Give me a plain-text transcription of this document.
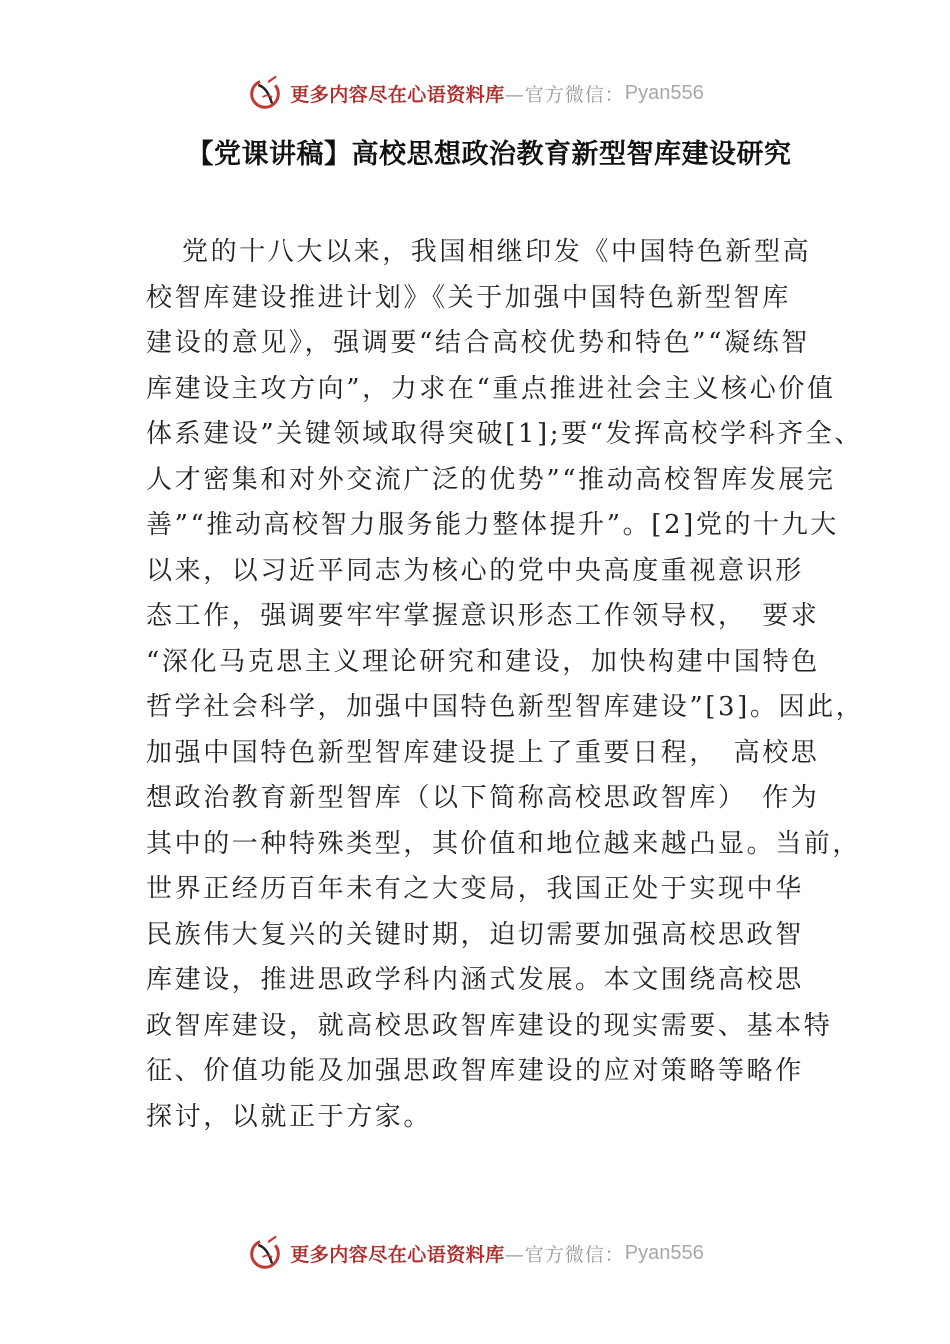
更多内容尽在心语资料库 —官方微信： Pyan556
【党课讲稿】高校思想政治教育新型智库建设研究
党的十八大以来，我国相继印发《中国特色新型高
校智库建设推进计划》《关于加强中国特色新型智库
建设的意见》，强调要“结合高校优势和特色”“凝练智
库建设主攻方向”，力求在“重点推进社会主义核心价值
体系建设”关键领域取得突破[1];要“发挥高校学科齐全、
人才密集和对外交流广泛的优势”“推动高校智库发展完
善”“推动高校智力服务能力整体提升”。[2]党的十九大
以来，以习近平同志为核心的党中央高度重视意识形
态工作，强调要牢牢掌握意识形态工作领导权，　要求
“深化马克思主义理论研究和建设，加快构建中国特色
哲学社会科学，加强中国特色新型智库建设”[3]。因此，
加强中国特色新型智库建设提上了重要日程，　高校思
想政治教育新型智库（以下简称高校思政智库）　作为
其中的一种特殊类型，其价值和地位越来越凸显。当前，
世界正经历百年未有之大变局，我国正处于实现中华
民族伟大复兴的关键时期，迫切需要加强高校思政智
库建设，推进思政学科内涵式发展。本文围绕高校思
政智库建设，就高校思政智库建设的现实需要、基本特
征、价值功能及加强思政智库建设的应对策略等略作
探讨，以就正于方家。
更多内容尽在心语资料库 —官方微信： Pyan556
